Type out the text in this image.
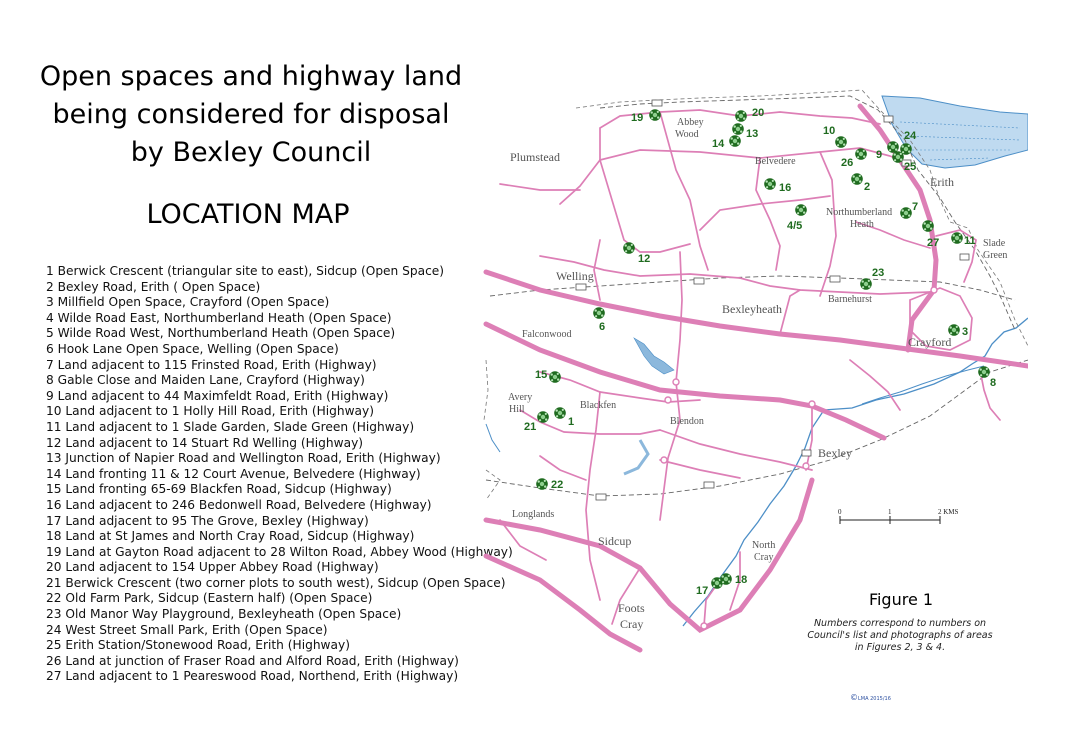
Open spaces and highway land
being considered for disposal
by Bexley Council
LOCATION MAP
1 Berwick Crescent (triangular site to east), Sidcup (Open Space)
2 Bexley Road, Erith ( Open Space)
3 Millfield Open Space, Crayford (Open Space)
4 Wilde Road East, Northumberland Heath (Open Space)
5 Wilde Road West, Northumberland Heath (Open Space)
6 Hook Lane Open Space, Welling (Open Space)
7 Land adjacent to 115 Frinsted Road, Erith (Highway)
8 Gable Close and Maiden Lane, Crayford (Highway)
9 Land adjacent to 44 Maximfeldt Road, Erith (Highway)
10 Land adjacent to 1 Holly Hill Road, Erith (Highway)
11 Land adjacent to 1 Slade Garden, Slade Green (Highway)
12 Land adjacent to 14 Stuart Rd Welling (Highway)
13 Junction of Napier Road and Wellington Road, Erith (Highway)
14 Land fronting 11 & 12 Court Avenue, Belvedere (Highway)
15 Land fronting 65-69 Blackfen Road, Sidcup (Highway)
16 Land adjacent to 246 Bedonwell Road, Belvedere (Highway)
17 Land adjacent to 95 The Grove, Bexley (Highway)
18 Land at St James and North Cray Road, Sidcup (Highway)
19 Land at Gayton Road adjacent to 28 Wilton Road, Abbey Wood (Highway)
20 Land adjacent to 154 Upper Abbey Road (Highway)
21 Berwick Crescent (two corner plots to south west), Sidcup (Open Space)
22 Old Farm Park, Sidcup (Eastern half) (Open Space)
23 Old Manor Way Playground, Bexleyheath (Open Space)
24 West Street Small Park, Erith (Open Space)
25 Erith Station/Stonewood Road, Erith (Highway)
26 Land at junction of Fraser Road and Alford Road, Erith (Highway)
27 Land adjacent to 1 Peareswood Road, Northend, Erith (Highway)
Plumstead
Abbey
Wood
Belvedere
Erith
Northumberland
Heath
Slade
Green
Welling
Bexleyheath
Barnehurst
Falconwood
Crayford
Avery
Hill	Blackfen
Blendon
Bexley
Longlands
Sidcup	North
Cray
Foots
Cray
1
2
3
4/5
6
7
8
9
10
11
12
13
14
15
16
17
18
19	20
21
22
23
24
25
26
27
0	1	2 KMS
Figure 1
Numbers correspond to numbers on
Council's list and photographs of areas
in Figures 2, 3 & 4.
©LMA 2015/16
